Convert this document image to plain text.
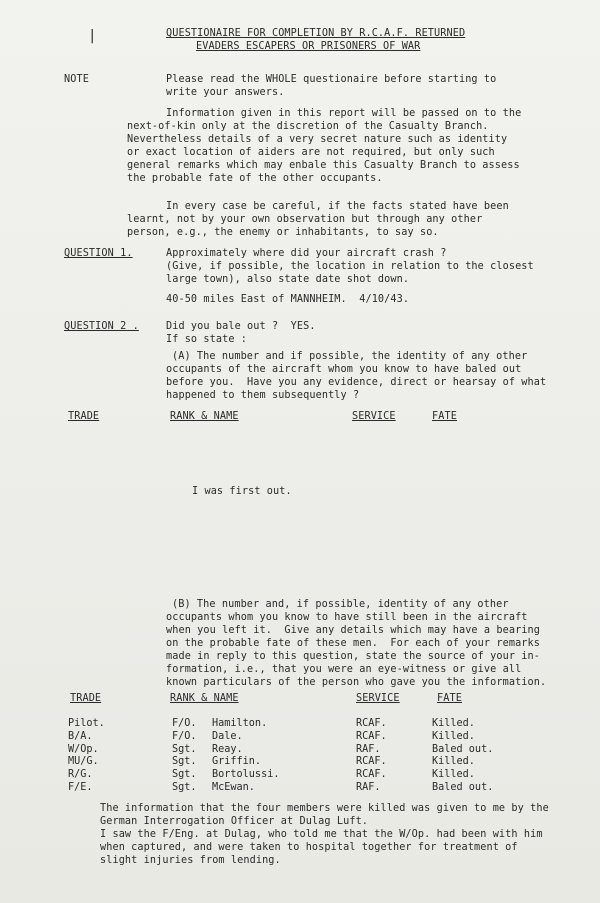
|	QUESTIONAIRE FOR COMPLETION BY R.C.A.F. RETURNED
EVADERS ESCAPERS OR PRISONERS OF WAR
NOTE	Please read the WHOLE questionaire before starting to
write your answers.
Information given in this report will be passed on to the
next-of-kin only at the discretion of the Casualty Branch.
Nevertheless details of a very secret nature such as identity
or exact location of aiders are not required, but only such
general remarks which may enbale this Casualty Branch to assess
the probable fate of the other occupants.
In every case be careful, if the facts stated have been
learnt, not by your own observation but through any other
person, e.g., the enemy or inhabitants, to say so.
QUESTION 1.	Approximately where did your aircraft crash ?
(Give, if possible, the location in relation to the closest
large town), also state date shot down.
40-50 miles East of MANNHEIM.  4/10/43.
QUESTION 2 .	Did you bale out ?  YES.
If so state :
(A) The number and if possible, the identity of any other
occupants of the aircraft whom you know to have baled out
before you.  Have you any evidence, direct or hearsay of what
happened to them subsequently ?
TRADE	RANK & NAME	SERVICE	FATE
I was first out.
(B) The number and, if possible, identity of any other
occupants whom you know to have still been in the aircraft
when you left it.  Give any details which may have a bearing
on the probable fate of these men.  For each of your remarks
made in reply to this question, state the source of your in-
formation, i.e., that you were an eye-witness or give all
known particulars of the person who gave you the information.
TRADE	RANK & NAME	SERVICE	FATE
Pilot.	F/O. Hamilton.	RCAF.	Killed.
B/A.	F/O. Dale.	RCAF.	Killed.
W/Op.	Sgt. Reay.	RAF.	Baled out.
MU/G.	Sgt. Griffin.	RCAF.	Killed.
R/G.	Sgt. Bortolussi.	RCAF.	Killed.
F/E.	Sgt. McEwan.	RAF.	Baled out.
The information that the four members were killed was given to me by the
German Interrogation Officer at Dulag Luft.
I saw the F/Eng. at Dulag, who told me that the W/Op. had been with him
when captured, and were taken to hospital together for treatment of
slight injuries from lending.
